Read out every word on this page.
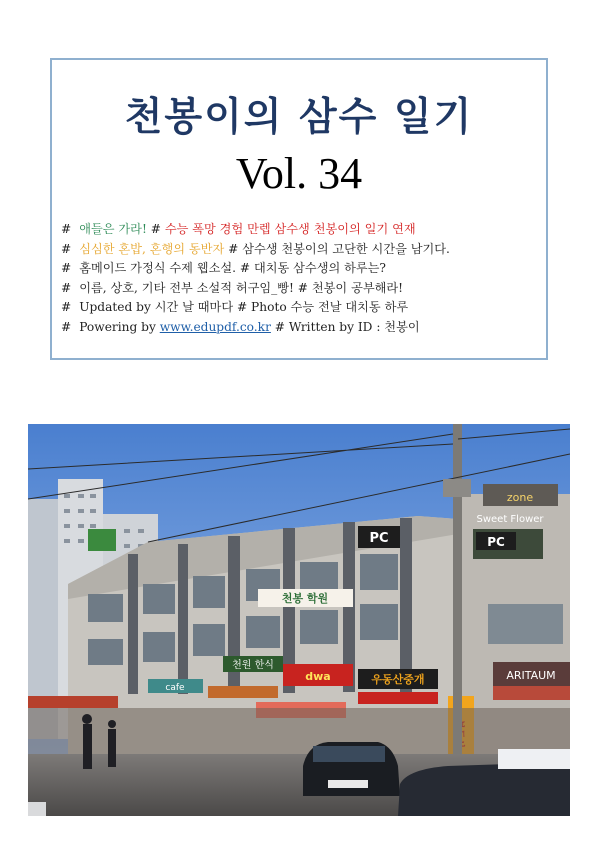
천봉이의 삼수 일기
Vol. 34
# 애들은 가라! # 수능 폭망 경험 만렙 삼수생 천봉이의 일기 연재
# 심심한 혼밥, 혼행의 동반자 # 삼수생 천봉이의 고단한 시간을 남기다.
# 홈메이드 가정식 수제 웹소설. # 대치동 삼수생의 하루는?
# 이름, 상호, 기타 전부 소설적 허구임_빵! # 천봉이 공부해라!
# Updated by 시간 날 때마다 # Photo 수능 전날 대치동 하루
# Powering by www.edupdf.co.kr # Written by ID : 천봉이
PC	PC
zone
Sweet Flower
천봉 학원
천원 한식
dwa	우동산중개	ARITAUM
cafe
